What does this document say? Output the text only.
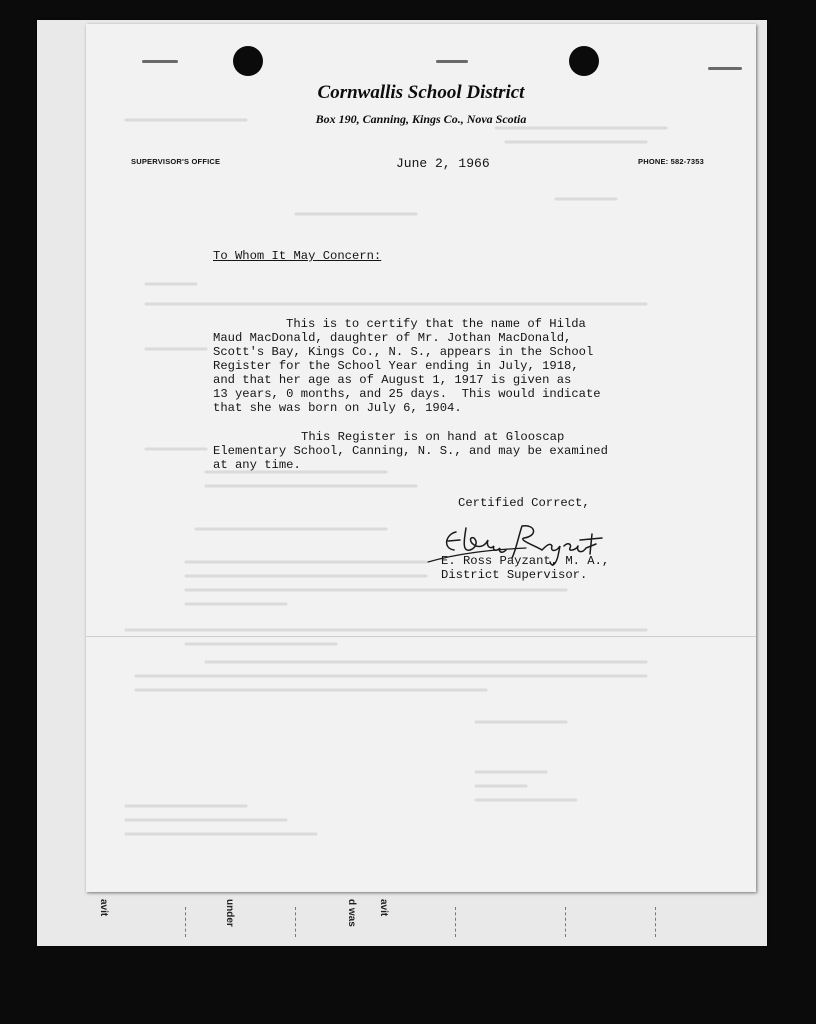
avit	under	d was avit
Cornwallis School District
Box 190, Canning, Kings Co., Nova Scotia
SUPERVISOR'S OFFICE	PHONE: 582-7353
June 2, 1966
To Whom It May Concern:
This is to certify that the name of Hilda
Maud MacDonald, daughter of Mr. Jothan MacDonald,
Scott's Bay, Kings Co., N. S., appears in the School
Register for the School Year ending in July, 1918,
and that her age as of August 1, 1917 is given as
13 years, 0 months, and 25 days.  This would indicate
that she was born on July 6, 1904.
This Register is on hand at Glooscap
Elementary School, Canning, N. S., and may be examined
at any time.
Certified Correct,
E. Ross Payzant, M. A.,
District Supervisor.
